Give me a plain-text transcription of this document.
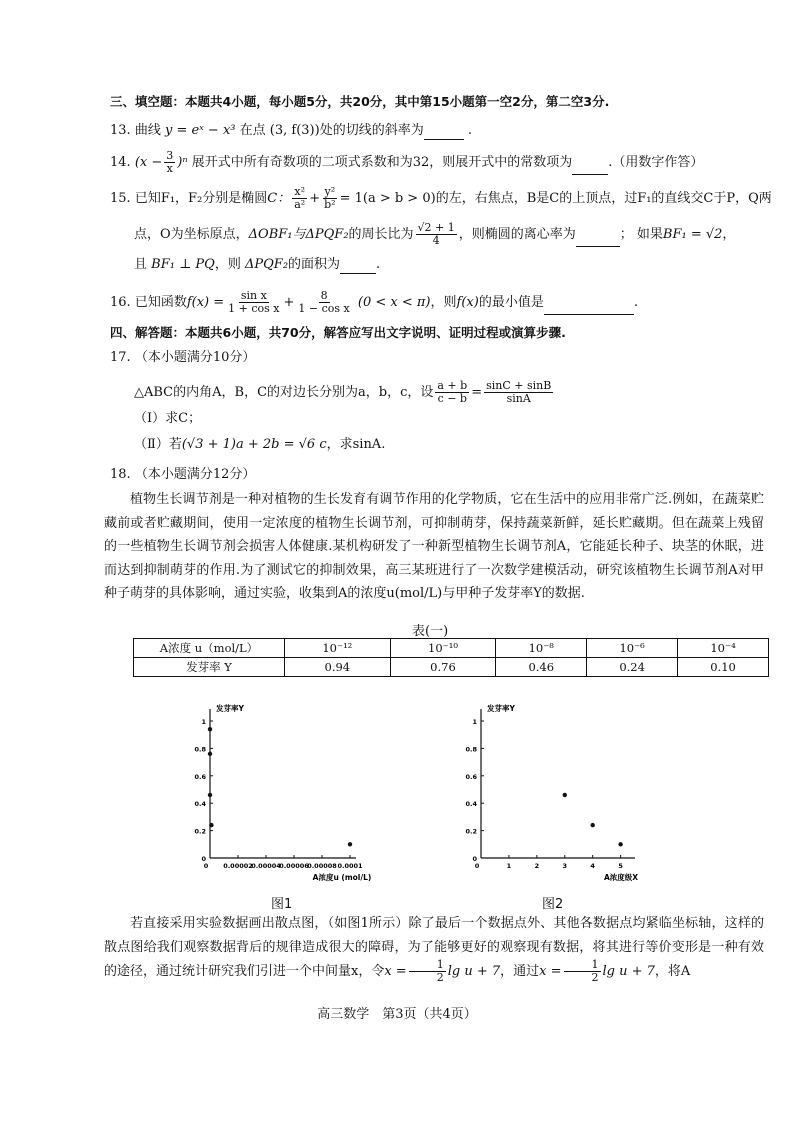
三、填空题：本题共4小题，每小题5分，共20分，其中第15小题第一空2分，第二空3分.
13. 曲线 y = eˣ − x³ 在点 (3, f(3))处的切线的斜率为	.
14. $(x - \frac{3}{x} )^n$ 展开式中所有奇数项的二项式系数和为32，则展开式中的常数项为	.（用数字作答）
15. 已知F₁，F₂分别是椭圆C： $\frac{\text{x²}}{\text{a²}} + \frac{\text{y²}}{\text{b²}} = 1(a > b > 0)$的左，右焦点，B是C的上顶点，过F₁的直线交C于P，Q两
点，O为坐标原点，ΔOBF₁与ΔPQF₂的周长比为 $\frac{√2 + 1}{4}$ ，则椭圆的离心率为	； 如果BF₁ = √2，
且 BF₁ ⊥ PQ，则 ΔPQF₂的面积为	.
16. 已知函数$f(x) = \frac{\text{sin x}}{\text{1 + cos x}} + \frac{8}{\text{1 − cos x}} (0 < x < \pi)$，则f(x)的最小值是	.
四、解答题：本题共6小题，共70分，解答应写出文字说明、证明过程或演算步骤.
17. （本小题满分10分）
△ABC的内角A，B，C的对边长分别为a，b，c，设 $\frac{a + b}{c - b} = \frac{\sin C + \sin B}{\sin A}$
（Ⅰ）求C；
（Ⅱ）若(√3 + 1)a + 2b = √6 c，求sinA.
18. （本小题满分12分）
植物生长调节剂是一种对植物的生长发育有调节作用的化学物质，它在生活中的应用非常广泛.例如，在蔬菜贮藏前或者贮藏期间，使用一定浓度的植物生长调节剂，可抑制萌芽，保持蔬菜新鲜，延长贮藏期。但在蔬菜上残留的一些植物生长调节剂会损害人体健康.某机构研发了一种新型植物生长调节剂A，它能延长种子、块茎的休眠，进而达到抑制萌芽的作用.为了测试它的抑制效果，高三某班进行了一次数学建模活动，研究该植物生长调节剂A对甲种子萌芽的具体影响，通过实验，收集到A的浓度u(mol/L)与甲种子发芽率Y的数据.
表(一)
A浓度 u（mol/L）	10⁻¹²	10⁻¹⁰	10⁻⁸	10⁻⁶	10⁻⁴
发芽率 Y	0.94	0.76	0.46	0.24	0.10
0
0.2
0.4
0.6
0.8
1
0 0.00002
0.00004
0.00006
0.00008 0.0001
发芽率Y
A浓度u (mol/L)
图1
0
0.2
0.4
0.6
0.8
1
0	1	2	3	4	5
发芽率Y
A浓度级X
图2
若直接采用实验数据画出散点图，（如图1所示）除了最后一个数据点外、其他各数据点均紧临坐标轴，这样的散点图给我们观察数据背后的规律造成很大的障碍，为了能够更好的观察现有数据，将其进行等价变形是一种有效的途径，通过统计研究我们引进一个中间量x，令$x = \frac{1}{2}$ lg u + 7，通过$x = \frac{1}{2}$ lg u + 7，将A
高三数学　第3页（共4页）
